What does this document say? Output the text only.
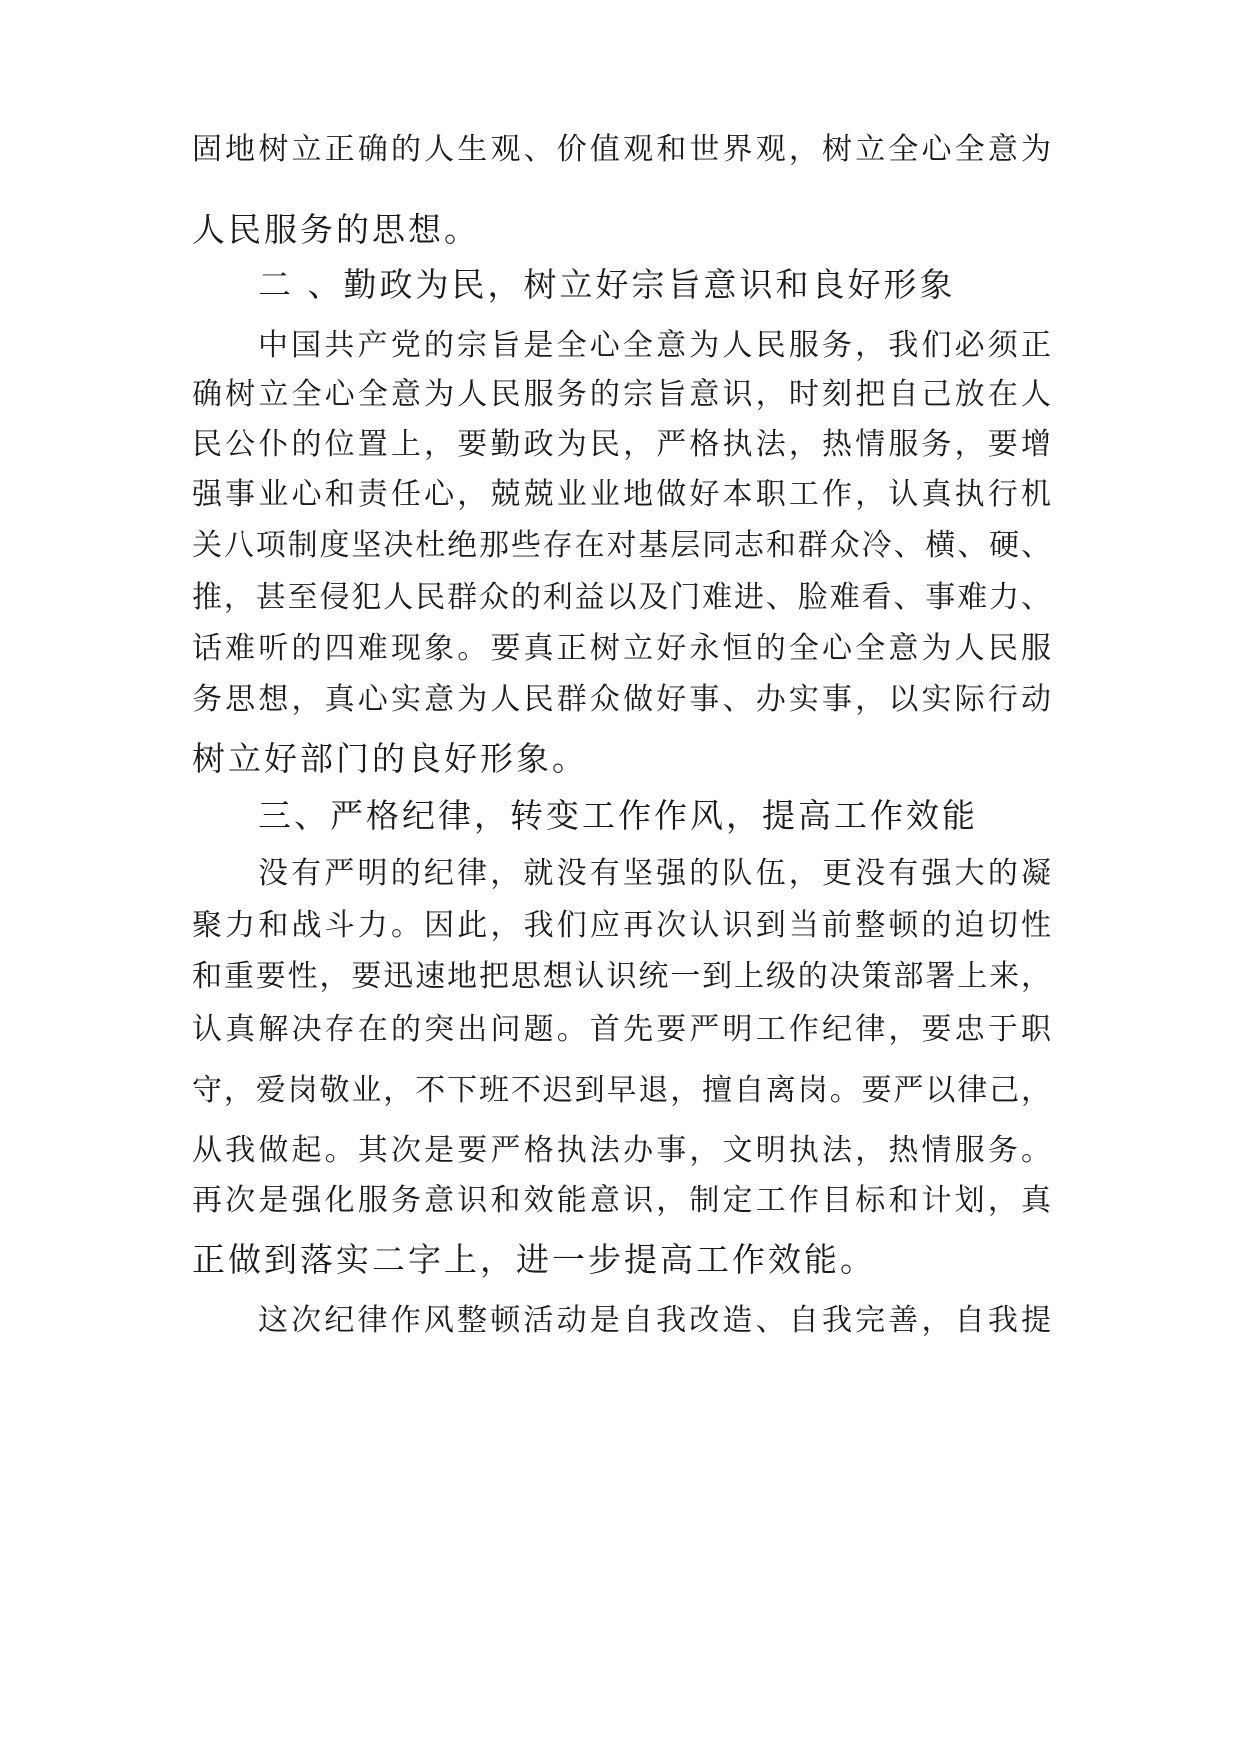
固地树立正确的人生观、价值观和世界观，树立全心全意为
人民服务的思想。
二 、勤政为民，树立好宗旨意识和良好形象
中国共产党的宗旨是全心全意为人民服务，我们必须正
确树立全心全意为人民服务的宗旨意识，时刻把自己放在人
民公仆的位置上，要勤政为民，严格执法，热情服务，要增
强事业心和责任心，兢兢业业地做好本职工作，认真执行机
关八项制度坚决杜绝那些存在对基层同志和群众冷、横、硬、
推，甚至侵犯人民群众的利益以及门难进、脸难看、事难力、
话难听的四难现象。要真正树立好永恒的全心全意为人民服
务思想，真心实意为人民群众做好事、办实事，以实际行动
树立好部门的良好形象。
三、严格纪律，转变工作作风，提高工作效能
没有严明的纪律，就没有坚强的队伍，更没有强大的凝
聚力和战斗力。因此，我们应再次认识到当前整顿的迫切性
和重要性，要迅速地把思想认识统一到上级的决策部署上来，
认真解决存在的突出问题。首先要严明工作纪律，要忠于职
守，爱岗敬业，不下班不迟到早退，擅自离岗。要严以律己，
从我做起。其次是要严格执法办事，文明执法，热情服务。
再次是强化服务意识和效能意识，制定工作目标和计划，真
正做到落实二字上，进一步提高工作效能。
这次纪律作风整顿活动是自我改造、自我完善，自我提
